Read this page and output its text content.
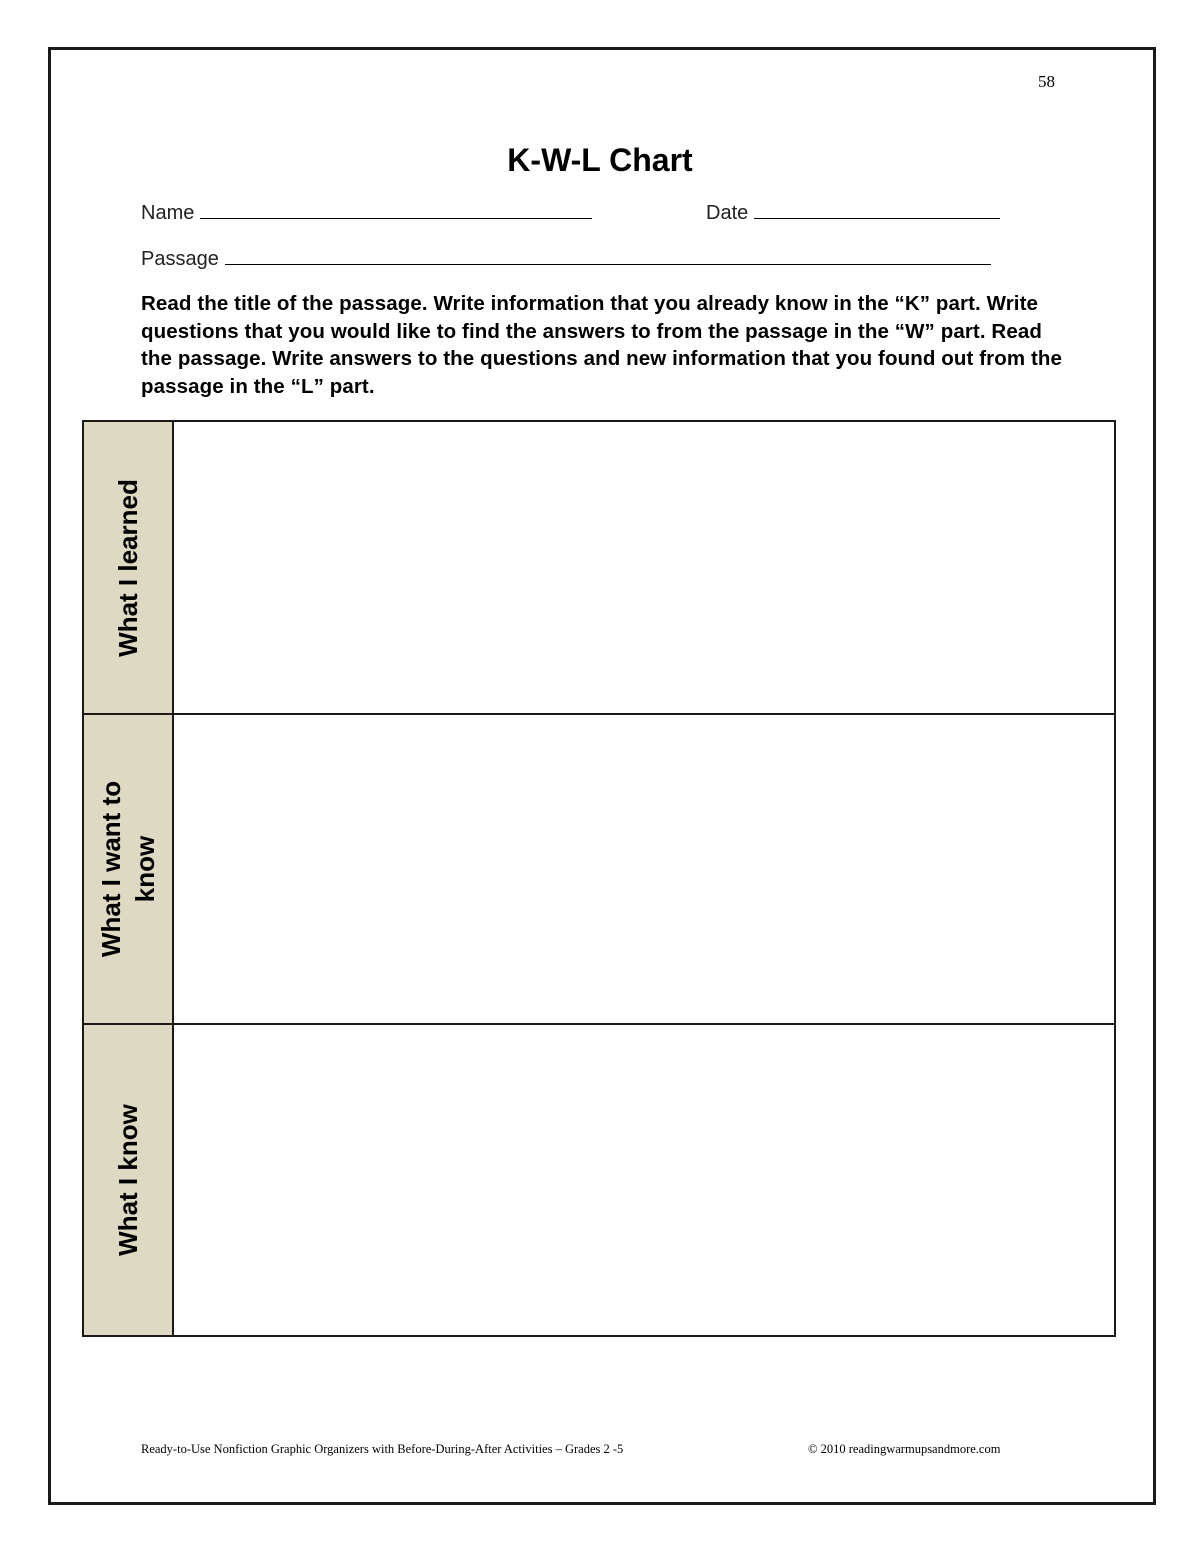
58
K-W-L Chart
Name	Date
Passage
Read the title of the passage. Write information that you already know in the “K” part. Write questions that you would like to find the answers to from the passage in the “W” part. Read the passage. Write answers to the questions and new information that you found out from the passage in the “L” part.
What I learned
What I want to
know
What I know
Ready-to-Use Nonfiction Graphic Organizers with Before-During-After Activities – Grades 2 -5	© 2010 readingwarmupsandmore.com
